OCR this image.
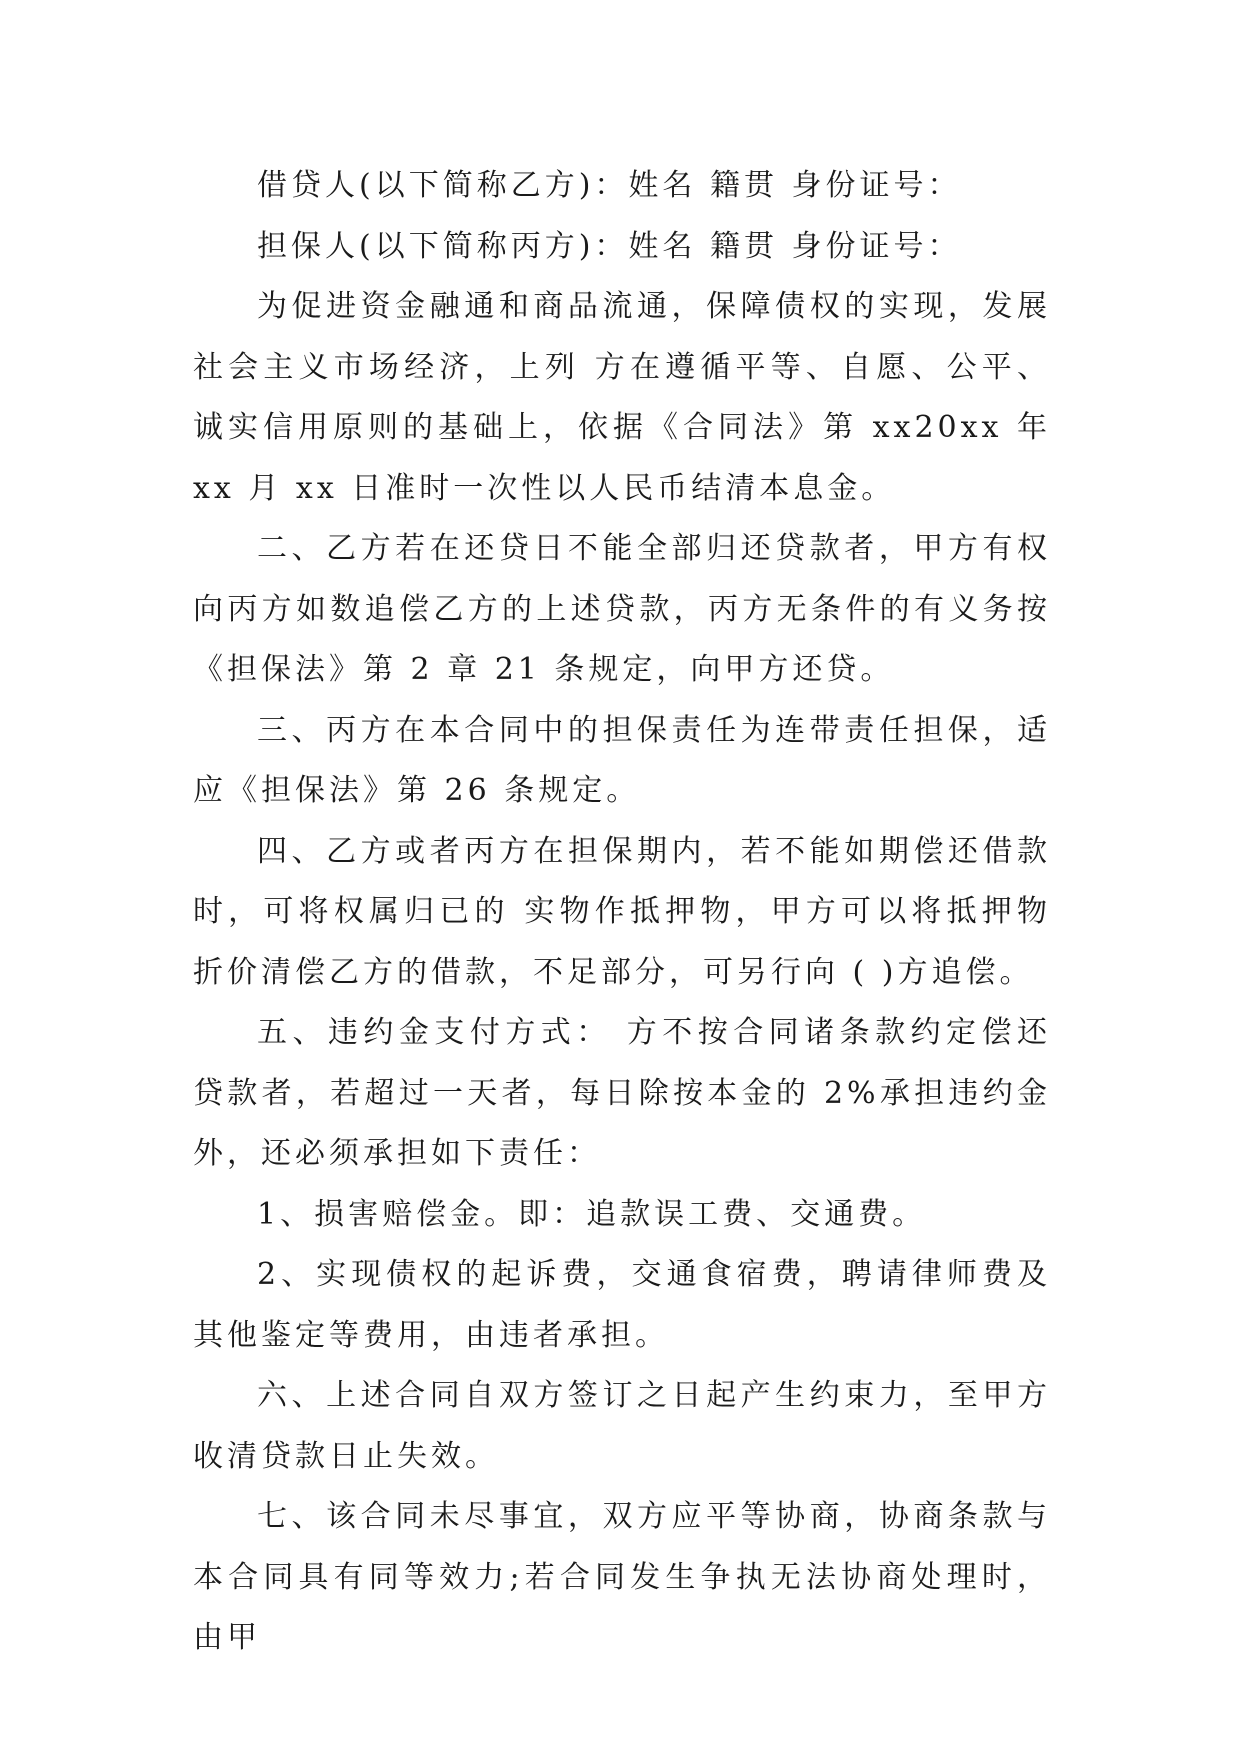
借贷人(以下简称乙方)：姓名 籍贯 身份证号：

担保人(以下简称丙方)：姓名 籍贯 身份证号：

为促进资金融通和商品流通，保障债权的实现，发展社会主义市场经济，上列 方在遵循平等、自愿、公平、诚实信用原则的基础上，依据《合同法》第 xx20xx 年 xx 月 xx 日准时一次性以人民币结清本息金。

二、乙方若在还贷日不能全部归还贷款者，甲方有权向丙方如数追偿乙方的上述贷款，丙方无条件的有义务按《担保法》第 2 章 21 条规定，向甲方还贷。

三、丙方在本合同中的担保责任为连带责任担保，适应《担保法》第 26 条规定。

四、乙方或者丙方在担保期内，若不能如期偿还借款时，可将权属归已的 实物作抵押物，甲方可以将抵押物折价清偿乙方的借款，不足部分，可另行向 ( )方追偿。

五、违约金支付方式： 方不按合同诸条款约定偿还贷款者，若超过一天者，每日除按本金的 2%承担违约金外，还必须承担如下责任：

1、损害赔偿金。即：追款误工费、交通费。

2、实现债权的起诉费，交通食宿费，聘请律师费及其他鉴定等费用，由违者承担。

六、上述合同自双方签订之日起产生约束力，至甲方收清贷款日止失效。

七、该合同未尽事宜，双方应平等协商，协商条款与本合同具有同等效力;若合同发生争执无法协商处理时，由甲
